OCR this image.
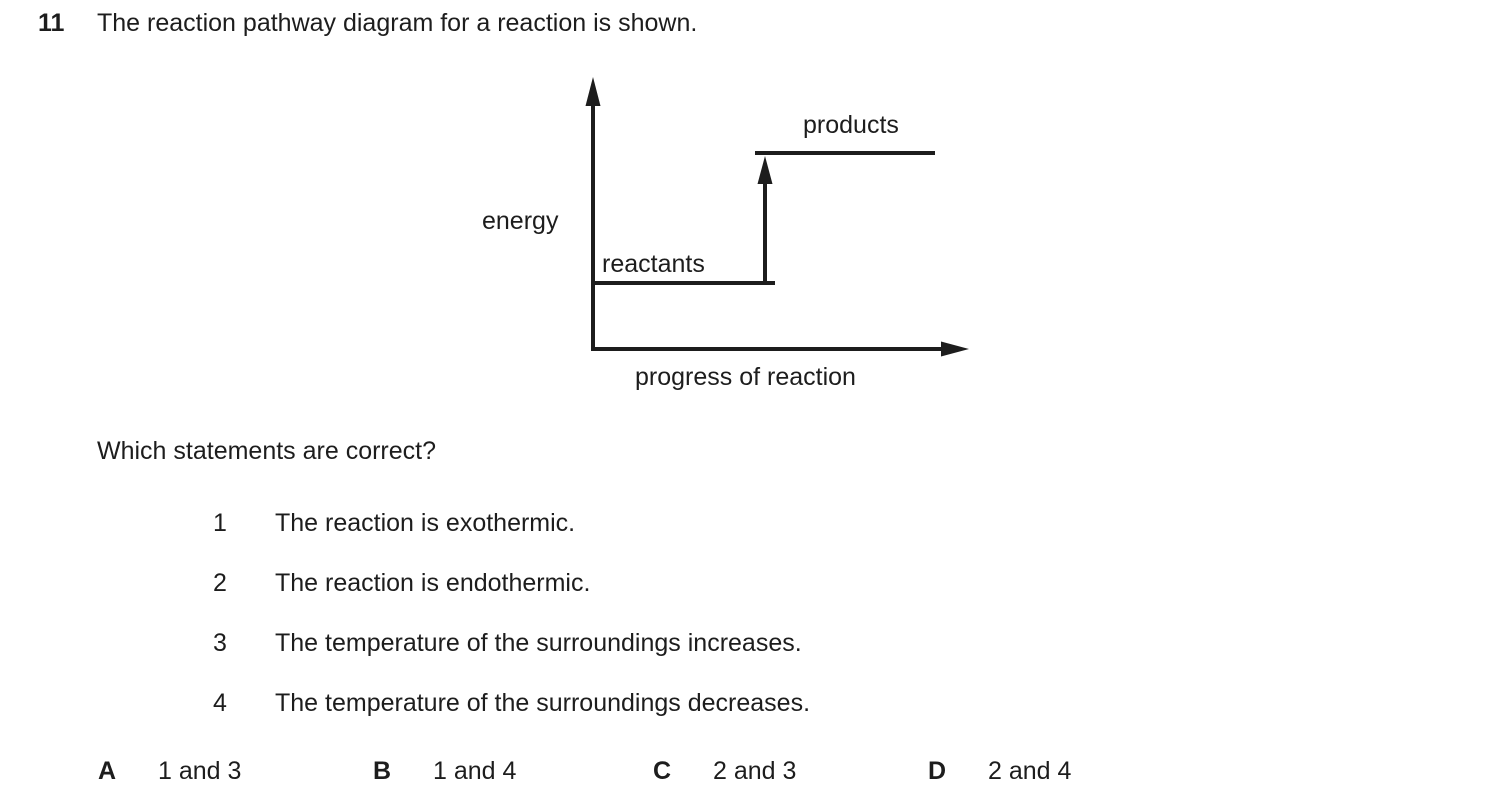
11 The reaction pathway diagram for a reaction is shown.
energy
reactants
products
progress of reaction
Which statements are correct?
1	The reaction is exothermic.
2	The reaction is endothermic.
3	The temperature of the surroundings increases.
4	The temperature of the surroundings decreases.
A	1 and 3	B	1 and 4	C	2 and 3	D	2 and 4
